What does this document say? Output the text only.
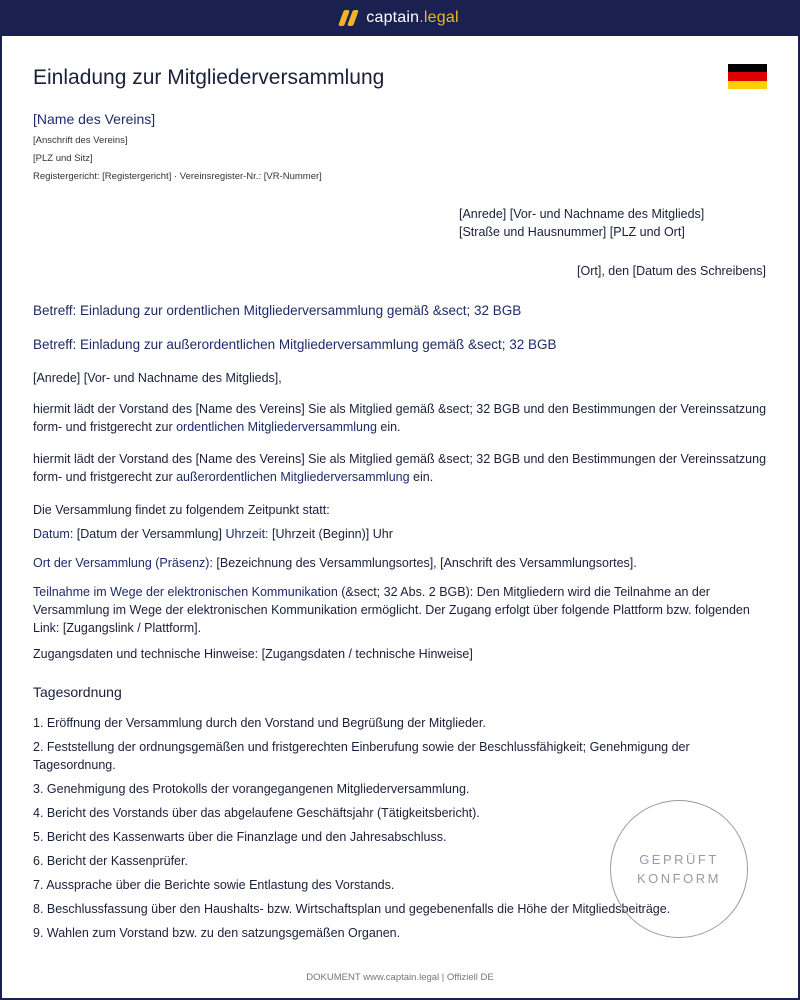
captain.legal
Einladung zur Mitgliederversammlung
[Name des Vereins]
[Anschrift des Vereins]
[PLZ und Sitz]
Registergericht: [Registergericht] · Vereinsregister-Nr.: [VR-Nummer]
[Anrede] [Vor- und Nachname des Mitglieds]
[Straße und Hausnummer] [PLZ und Ort]
[Ort], den [Datum des Schreibens]
Betreff: Einladung zur ordentlichen Mitgliederversammlung gemäß &sect; 32 BGB
Betreff: Einladung zur außerordentlichen Mitgliederversammlung gemäß &sect; 32 BGB
[Anrede] [Vor- und Nachname des Mitglieds],
hiermit lädt der Vorstand des [Name des Vereins] Sie als Mitglied gemäß &sect; 32 BGB und den Bestimmungen der Vereinssatzung form- und fristgerecht zur ordentlichen Mitgliederversammlung ein.
hiermit lädt der Vorstand des [Name des Vereins] Sie als Mitglied gemäß &sect; 32 BGB und den Bestimmungen der Vereinssatzung form- und fristgerecht zur außerordentlichen Mitgliederversammlung ein.
Die Versammlung findet zu folgendem Zeitpunkt statt:
Datum: [Datum der Versammlung] Uhrzeit: [Uhrzeit (Beginn)] Uhr
Ort der Versammlung (Präsenz): [Bezeichnung des Versammlungsortes], [Anschrift des Versammlungsortes].
Teilnahme im Wege der elektronischen Kommunikation (&sect; 32 Abs. 2 BGB): Den Mitgliedern wird die Teilnahme an der Versammlung im Wege der elektronischen Kommunikation ermöglicht. Der Zugang erfolgt über folgende Plattform bzw. folgenden Link: [Zugangslink / Plattform].
Zugangsdaten und technische Hinweise: [Zugangsdaten / technische Hinweise]
Tagesordnung
1. Eröffnung der Versammlung durch den Vorstand und Begrüßung der Mitglieder.
2. Feststellung der ordnungsgemäßen und fristgerechten Einberufung sowie der Beschlussfähigkeit; Genehmigung der Tagesordnung.
3. Genehmigung des Protokolls der vorangegangenen Mitgliederversammlung.
4. Bericht des Vorstands über das abgelaufene Geschäftsjahr (Tätigkeitsbericht).
5. Bericht des Kassenwarts über die Finanzlage und den Jahresabschluss.
6. Bericht der Kassenprüfer.
7. Aussprache über die Berichte sowie Entlastung des Vorstands.
8. Beschlussfassung über den Haushalts- bzw. Wirtschaftsplan und gegebenenfalls die Höhe der Mitgliedsbeiträge.
9. Wahlen zum Vorstand bzw. zu den satzungsgemäßen Organen.
GEPRÜFT
KONFORM
DOKUMENT www.captain.legal | Offiziell DE
